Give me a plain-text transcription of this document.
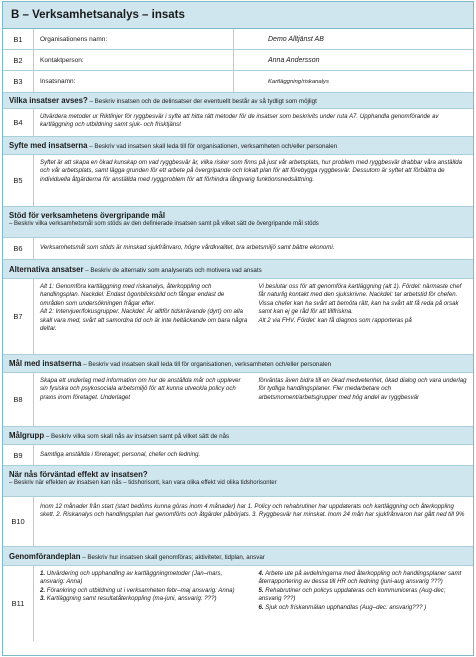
B – Verksamhetsanalys – insats
B1	Organisationens namn:	Demo Alltjänst AB
B2	Kontaktperson:	Anna Andersson
B3	Insatsnamn:	Kartläggning/riskanalys
Vilka insatser avses? – Beskriv insatsen och de delinsatser der eventuellt består av så tydligt som möjligt
B4
Utvärdera metoder ur Riktlinjer för ryggbesvär i syfte att hitta rätt metoder för de insatser som beskrivits under ruta A7. Upphandla genomförande av kartläggning och utbildning samt sjuk- och frisktjänst
Syfte med insatserna – Beskriv vad insatsen skall leda till för organisationen, verksamheten och/eller personalen
B5
Syftet är att skapa en ökad kunskap om vad ryggbesvär är, vilka risker som finns på just vår arbetsplats, hur problem med ryggbesvär drabbar våra anställda och vår arbetsplats, samt lägga grunden för ett arbete på övergripande och lokalt plan för att förebygga ryggbesvär. Dessutom är syftet att förbättra de individuella åtgärderna för anställda med ryggproblem för att förhindra långvarig funktionsnedsättning.
Stöd för verksamhetens övergripande mål
– Beskriv vilka verksamhetsmål som stöds av den definierade insatsen samt på vilket sätt de övergripande mål stöds
B6	Verksamhetsmål som stöds är minskad sjukfrånvaro, högre vårdkvalitet, bra arbetsmiljö samt bättre ekonomi.
Alternativa ansatser – Beskriv de alternativ som analyserats och motivera vad ansats
B7
Alt 1: Genomföra kartläggning med riskanalys, återkoppling och handlingsplan. Nackdel: Endast ögonblicksbild och fångar endast de områden som undersökningen frågar efter.
Alt 2: Intervjuer/fokusgrupper. Nackdel: Är alltför tidskrävande (dyrt) om alla skall vara med, svårt att samordna tid och är inte heltäckande om bara några deltar.
Vi beslutar oss för att genomföra kartläggning (alt 1). Fördel: närmaste chef får naturlig kontakt med den sjukskrivne. Nackdel: tar arbetstid för chefen. Vissa chefer kan ha svårt att bemöta rätt, kan ha svårt att få reda på orsak samt kan ej ge råd för att tillfriskna.
Alt 2 via FHV. Fördel: kan få diagnos som rapporteras på
Mål med insatserna – Beskriv vad insatsen skall leda till för organisationen, verksamheten och/eller personalen
B8
Skapa ett underlag med information om hur de anställda mår och upplever sin fysiska och psykosociala arbetsmiljö för att kunna utveckla policy och praxis inom företaget. Underlaget
förväntas även bidra till en ökad medvetenhet, ökad dialog och vara underlag för tydliga handlingsplaner. Fler medarbetare och arbetsmoment/arbetsgrupper med hög andel av ryggbesvär
Målgrupp – Beskriv vilka som skall nås av insatsen samt på vilket sätt de nås
B9	Samtliga anställda i företaget; personal, chefer och ledning.
När nås förväntad effekt av insatsen?
– Beskriv när effekten av insatsen kan nås – tidshorisont, kan vara olika effekt vid olika tidshorisonter
B10
Inom 12 månader från start (start bedöms kunna göras inom 4 månader) har 1. Policy och rehabrutiner har uppdaterats och kartläggning och återkoppling skett. 2. Riskanalys och handlingsplan har genomförts och åtgärder påbörjats. 3. Ryggbesvär har minskat. Inom 24 mån har sjukfrånvaron har gått ned till 9%
Genomförandeplan – Beskriv hur insatsen skall genomföras; aktiviteter, tidplan, ansvar
B11
1. Utvärdering och upphandling av kartläggningmetoder (Jan–mars, ansvarig: Anna)
2. Förankring och utbildning ut i verksamheten febr–maj ansvarig: Anna)
3. Kartläggning samt resultatåterkoppling (ma-juni, ansvarig: ???)
4. Arbete ute på avdelningarna med återkoppling och handlingsplaner samt återrapportering av dessa till HR och ledning (juni-aug ansvarig ???)
5. Rehabrutiner och policys uppdateras och kommuniceras (Aug-dec; ansvarig ???)
6. Sjuk och friskanmälan upphandlas (Aug–dec: ansvarig??? )
